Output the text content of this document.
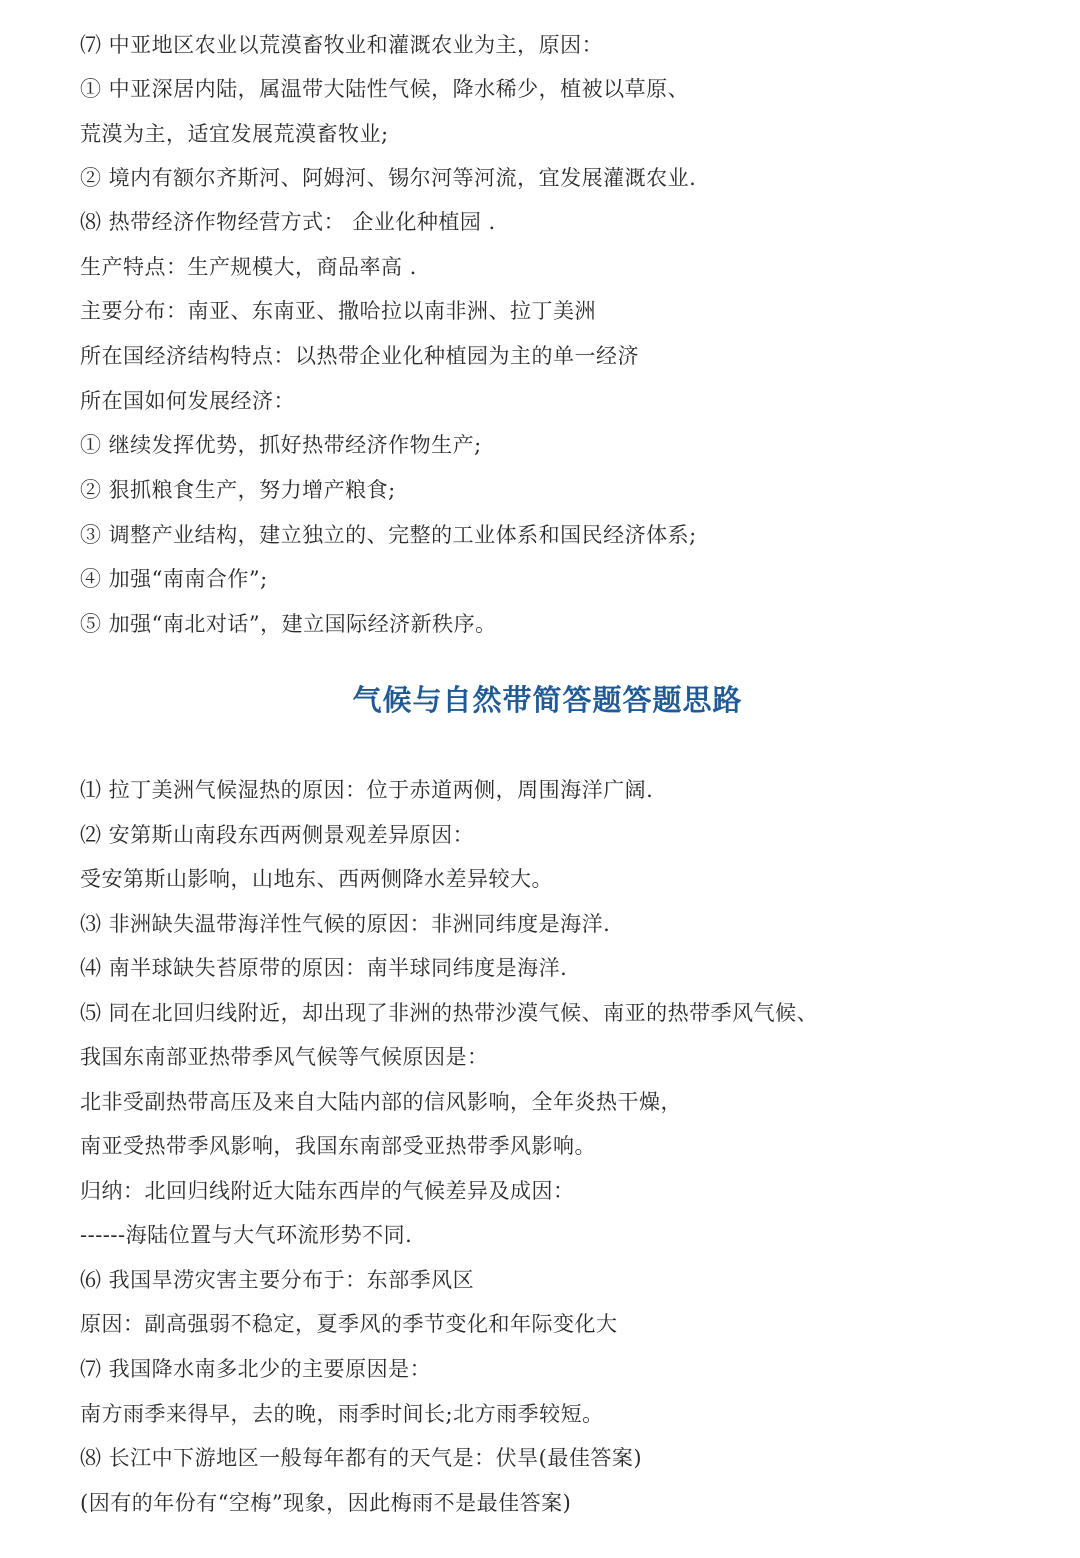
⑺ 中亚地区农业以荒漠畜牧业和灌溉农业为主，原因：
① 中亚深居内陆，属温带大陆性气候，降水稀少，植被以草原、
荒漠为主，适宜发展荒漠畜牧业;
② 境内有额尔齐斯河、阿姆河、锡尔河等河流，宜发展灌溉农业.
⑻ 热带经济作物经营方式： 企业化种植园 .
生产特点：生产规模大，商品率高 .
主要分布：南亚、东南亚、撒哈拉以南非洲、拉丁美洲
所在国经济结构特点：以热带企业化种植园为主的单一经济
所在国如何发展经济：
① 继续发挥优势，抓好热带经济作物生产;
② 狠抓粮食生产，努力增产粮食;
③ 调整产业结构，建立独立的、完整的工业体系和国民经济体系;
④ 加强“南南合作”;
⑤ 加强“南北对话”，建立国际经济新秩序。
气候与自然带简答题答题思路
⑴ 拉丁美洲气候湿热的原因：位于赤道两侧，周围海洋广阔.
⑵ 安第斯山南段东西两侧景观差异原因：
受安第斯山影响，山地东、西两侧降水差异较大。
⑶ 非洲缺失温带海洋性气候的原因：非洲同纬度是海洋.
⑷ 南半球缺失苔原带的原因：南半球同纬度是海洋.
⑸ 同在北回归线附近，却出现了非洲的热带沙漠气候、南亚的热带季风气候、
我国东南部亚热带季风气候等气候原因是：
北非受副热带高压及来自大陆内部的信风影响，全年炎热干燥，
南亚受热带季风影响，我国东南部受亚热带季风影响。
归纳：北回归线附近大陆东西岸的气候差异及成因：
------海陆位置与大气环流形势不同.
⑹ 我国旱涝灾害主要分布于：东部季风区
原因：副高强弱不稳定，夏季风的季节变化和年际变化大
⑺ 我国降水南多北少的主要原因是：
南方雨季来得早，去的晚，雨季时间长;北方雨季较短。
⑻ 长江中下游地区一般每年都有的天气是：伏旱(最佳答案)
(因有的年份有“空梅”现象，因此梅雨不是最佳答案)
